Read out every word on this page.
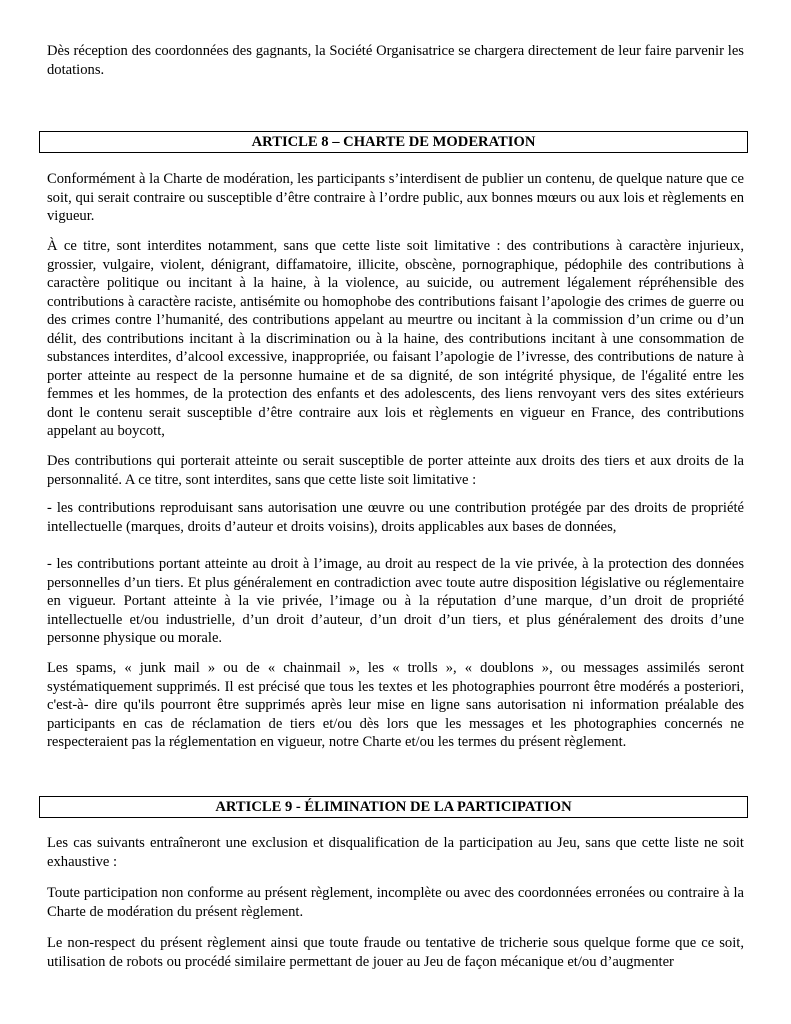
Dès réception des coordonnées des gagnants, la Société Organisatrice se chargera directement de leur faire parvenir les dotations.

ARTICLE 8 – CHARTE DE MODERATION

Conformément à la Charte de modération, les participants s’interdisent de publier un contenu, de quelque nature que ce soit, qui serait contraire ou susceptible d’être contraire à l’ordre public, aux bonnes mœurs ou aux lois et règlements en vigueur.

À ce titre, sont interdites notamment, sans que cette liste soit limitative : des contributions à caractère injurieux, grossier, vulgaire, violent, dénigrant, diffamatoire, illicite, obscène, pornographique, pédophile des contributions à caractère politique ou incitant à la haine, à la violence, au suicide, ou autrement légalement répréhensible des contributions à caractère raciste, antisémite ou homophobe des contributions faisant l’apologie des crimes de guerre ou des crimes contre l’humanité, des contributions appelant au meurtre ou incitant à la commission d’un crime ou d’un délit, des contributions incitant à la discrimination ou à la haine, des contributions incitant à une consommation de substances interdites, d’alcool excessive, inappropriée, ou faisant l’apologie de l’ivresse, des contributions de nature à porter atteinte au respect de la personne humaine et de sa dignité, de son intégrité physique, de l'égalité entre les femmes et les hommes, de la protection des enfants et des adolescents, des liens renvoyant vers des sites extérieurs dont le contenu serait susceptible d’être contraire aux lois et règlements en vigueur en France, des contributions appelant au boycott,

Des contributions qui porterait atteinte ou serait susceptible de porter atteinte aux droits des tiers et aux droits de la personnalité. A ce titre, sont interdites, sans que cette liste soit limitative :

- les contributions reproduisant sans autorisation une œuvre ou une contribution protégée par des droits de propriété intellectuelle (marques, droits d’auteur et droits voisins), droits applicables aux bases de données,

- les contributions portant atteinte au droit à l’image, au droit au respect de la vie privée, à la protection des données personnelles d’un tiers. Et plus généralement en contradiction avec toute autre disposition législative ou réglementaire en vigueur. Portant atteinte à la vie privée, l’image ou à la réputation d’une marque, d’un droit de propriété intellectuelle et/ou industrielle, d’un droit d’auteur, d’un droit d’un tiers, et plus généralement des droits d’une personne physique ou morale.

Les spams, « junk mail » ou de « chainmail », les « trolls », « doublons », ou messages assimilés seront systématiquement supprimés. Il est précisé que tous les textes et les photographies pourront être modérés a posteriori, c'est-à- dire qu'ils pourront être supprimés après leur mise en ligne sans autorisation ni information préalable des participants en cas de réclamation de tiers et/ou dès lors que les messages et les photographies concernés ne respecteraient pas la réglementation en vigueur, notre Charte et/ou les termes du présent règlement.

ARTICLE 9 - ÉLIMINATION DE LA PARTICIPATION

Les cas suivants entraîneront une exclusion et disqualification de la participation au Jeu, sans que cette liste ne soit exhaustive :

Toute participation non conforme au présent règlement, incomplète ou avec des coordonnées erronées ou contraire à la Charte de modération du présent règlement.

Le non-respect du présent règlement ainsi que toute fraude ou tentative de tricherie sous quelque forme que ce soit, utilisation de robots ou procédé similaire permettant de jouer au Jeu de façon mécanique et/ou d’augmenter
